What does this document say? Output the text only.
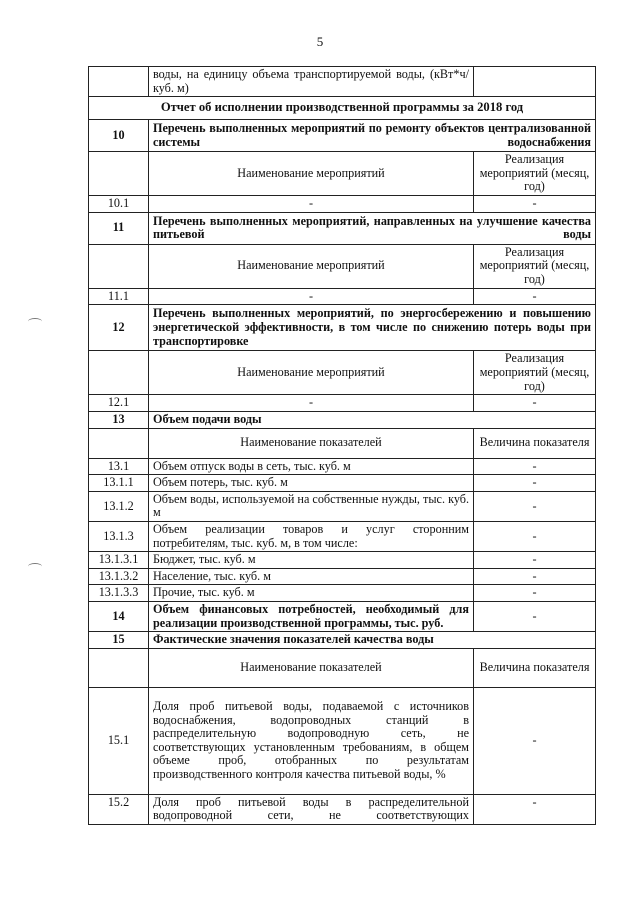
5
	воды, на единицу объема транспортируемой воды, (кВт*ч/куб. м)	
Отчет об исполнении производственной программы за 2018 год		
10	Перечень выполненных мероприятий по ремонту объектов централизованной системы водоснабжения	
	Наименование мероприятий	Реализация мероприятий (месяц, год)
10.1	-	-
11	Перечень выполненных мероприятий, направленных на улучшение качества питьевой воды	
	Наименование мероприятий	Реализация мероприятий (месяц, год)
11.1	-	-
12	Перечень выполненных мероприятий, по энергосбережению и повышению энергетической эффективности, в том числе по снижению потерь воды при транспортировке	
	Наименование мероприятий	Реализация мероприятий (месяц, год)
12.1	-	-
13	Объем подачи воды	
	Наименование показателей	Величина показателя
13.1	Объем отпуск воды в сеть, тыс. куб. м	-
13.1.1	Объем потерь, тыс. куб. м	-
13.1.2	Объем воды, используемой на собственные нужды, тыс. куб. м	-
13.1.3	Объем реализации товаров и услуг сторонним потребителям, тыс. куб. м, в том числе:	-
13.1.3.1	Бюджет, тыс. куб. м	-
13.1.3.2	Население, тыс. куб. м	-
13.1.3.3	Прочие, тыс. куб. м	-
14	Объем финансовых потребностей, необходимый для реализации производственной программы, тыс. руб.	-
15	Фактические значения показателей качества воды	
	Наименование показателей	Величина показателя
15.1	Доля проб питьевой воды, подаваемой с источников водоснабжения, водопроводных станций в распределительную водопроводную сеть, не соответствующих установленным требованиям, в общем объеме проб, отобранных по результатам производственного контроля качества питьевой воды, %	-
15.2	Доля проб питьевой воды в распределительной водопроводной сети, не соответствующих	-
